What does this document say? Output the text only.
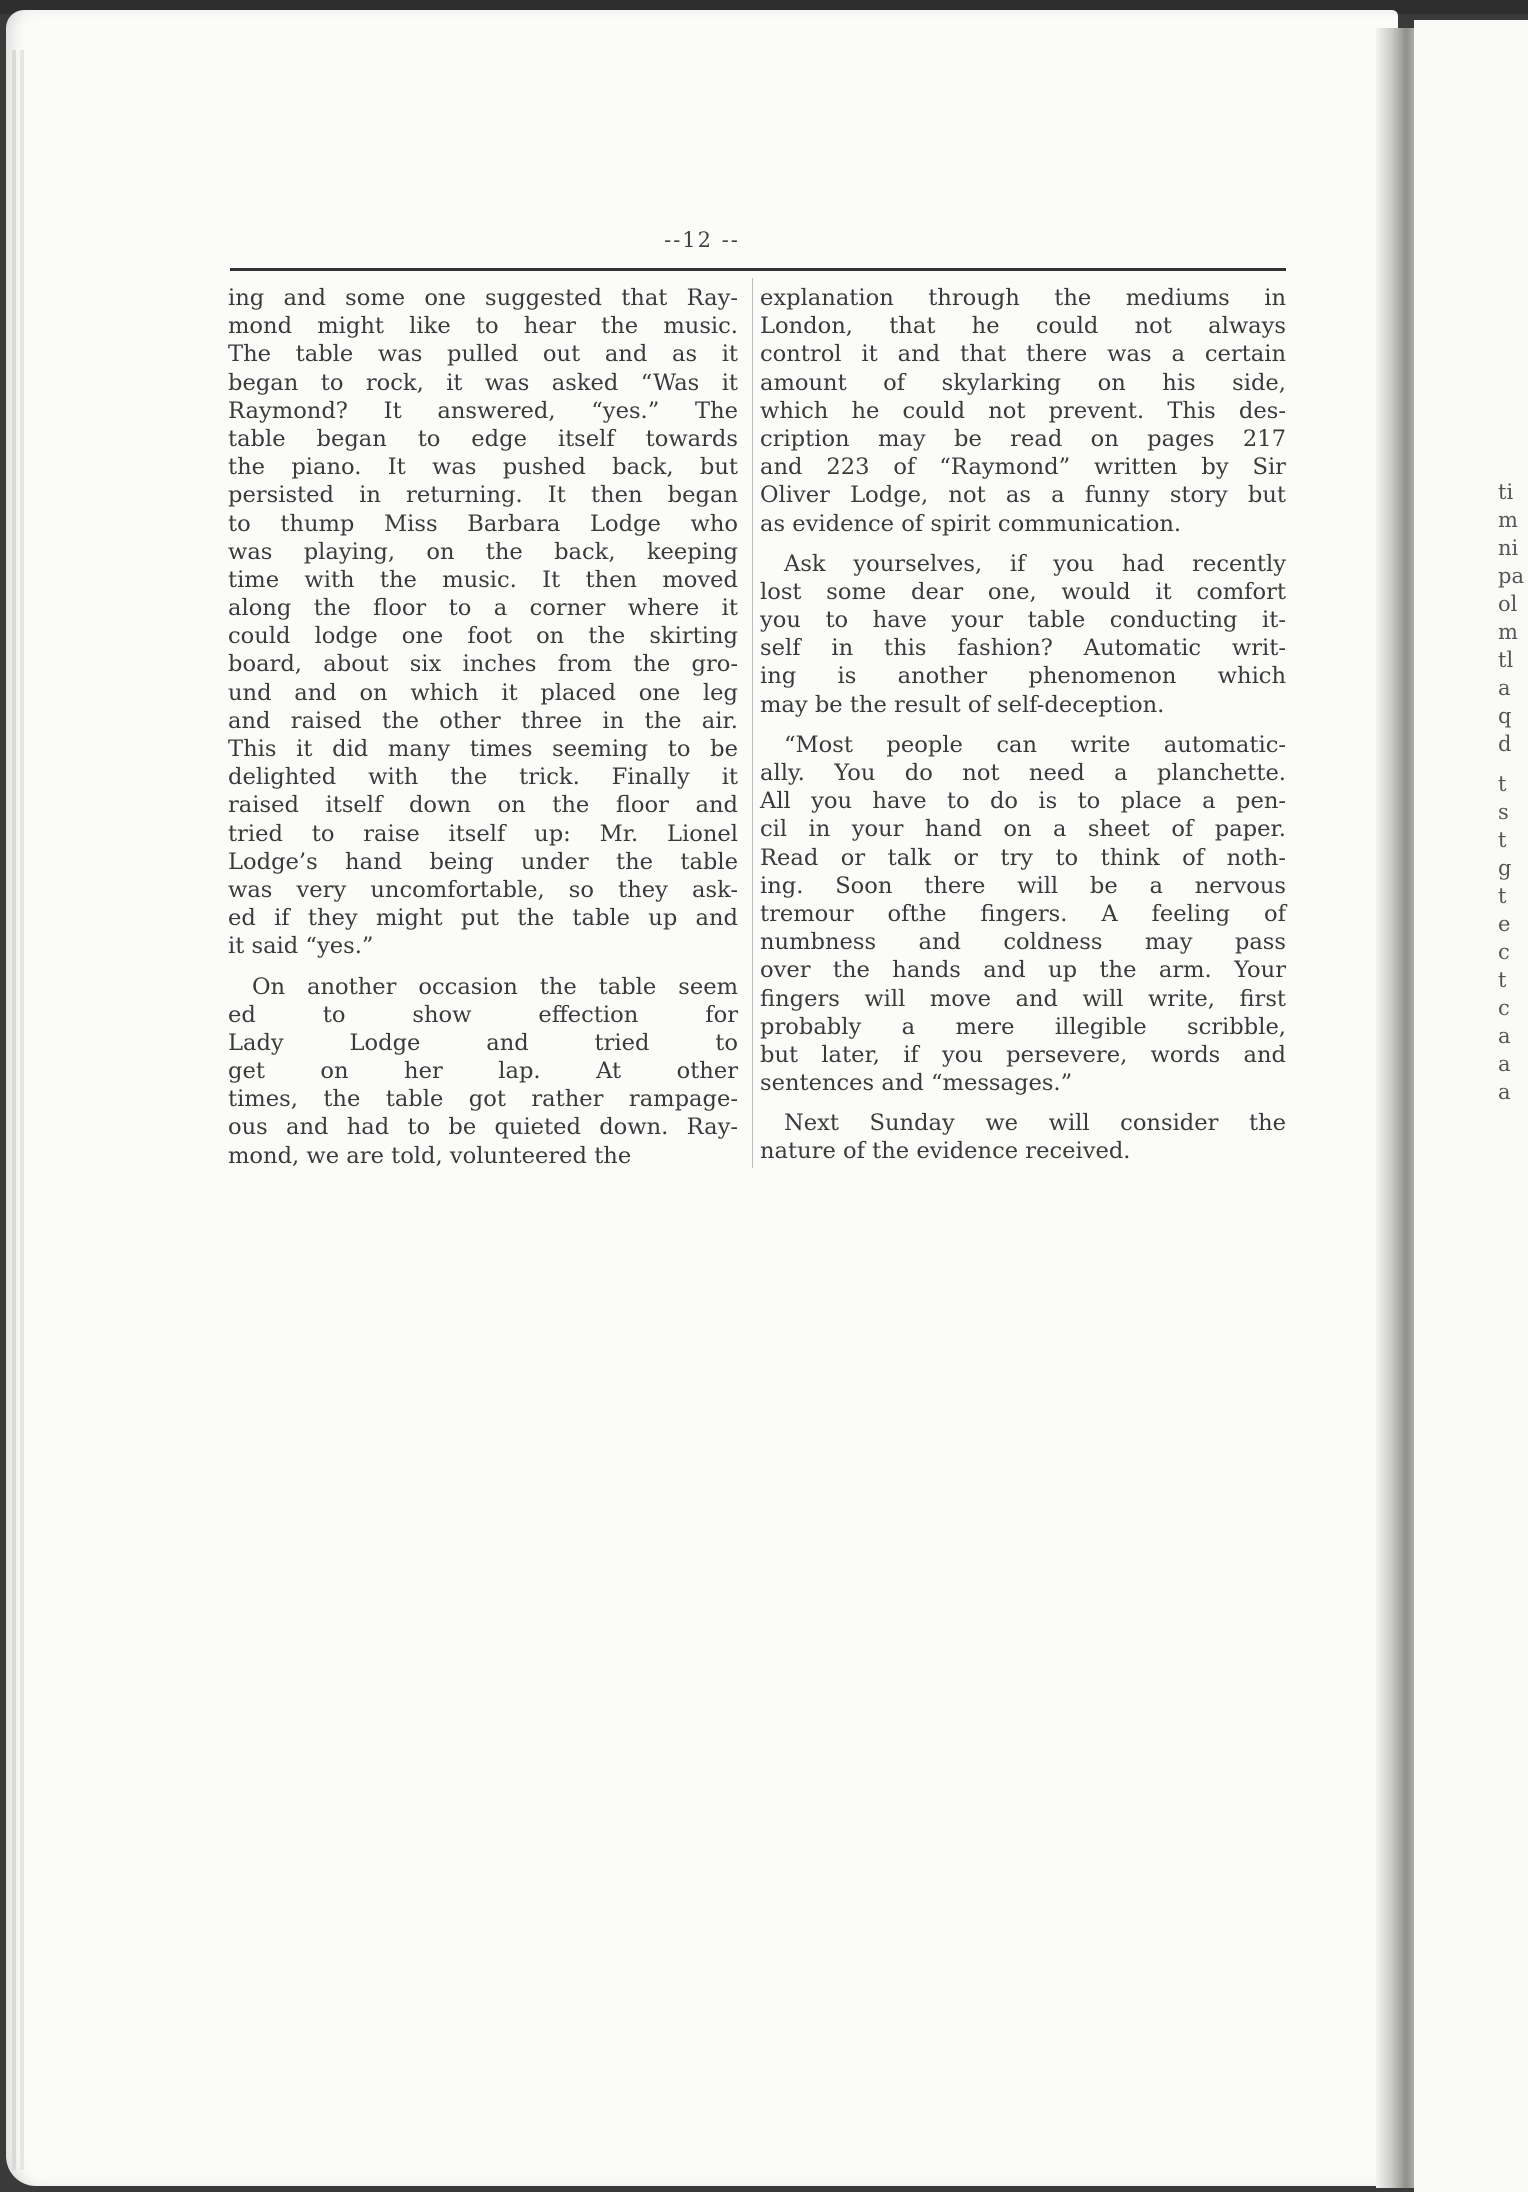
--12 --
ing and some one suggested that Ray-
mond might like to hear the music.
The table was pulled out and as it
began to rock, it was asked “Was it
Raymond? It answered, “yes.” The
table began to edge itself towards
the piano. It was pushed back, but
persisted in returning. It then began
to thump Miss Barbara Lodge who
was playing, on the back, keeping
time with the music. It then moved
along the floor to a corner where it
could lodge one foot on the skirting
board, about six inches from the gro-
und and on which it placed one leg
and raised the other three in the air.
This it did many times seeming to be
delighted with the trick. Finally it
raised itself down on the floor and
tried to raise itself up: Mr. Lionel
Lodge’s hand being under the table
was very uncomfortable, so they ask-
ed if they might put the table up and
it said “yes.”
On another occasion the table seem
ed to show effection for
Lady Lodge and tried to
get on her lap. At other
times, the table got rather rampage-
ous and had to be quieted down. Ray-
mond, we are told, volunteered the
explanation through the mediums in
London, that he could not always
control it and that there was a certain
amount of skylarking on his side,
which he could not prevent. This des-
cription may be read on pages 217
and 223 of “Raymond” written by Sir
Oliver Lodge, not as a funny story but
as evidence of spirit communication.
Ask yourselves, if you had recently
lost some dear one, would it comfort
you to have your table conducting it-
self in this fashion? Automatic writ-
ing is another phenomenon which
may be the result of self-deception.
“Most people can write automatic-
ally. You do not need a planchette.
All you have to do is to place a pen-
cil in your hand on a sheet of paper.
Read or talk or try to think of noth-
ing. Soon there will be a nervous
tremour ofthe fingers. A feeling of
numbness and coldness may pass
over the hands and up the arm. Your
fingers will move and will write, first
probably a mere illegible scribble,
but later, if you persevere, words and
sentences and “messages.”
Next Sunday we will consider the
nature of the evidence received.
ti
m
ni
pa
ol
m
tl
a
q
d
t
s
t
g
t
e
c
t
c
a
a
a
